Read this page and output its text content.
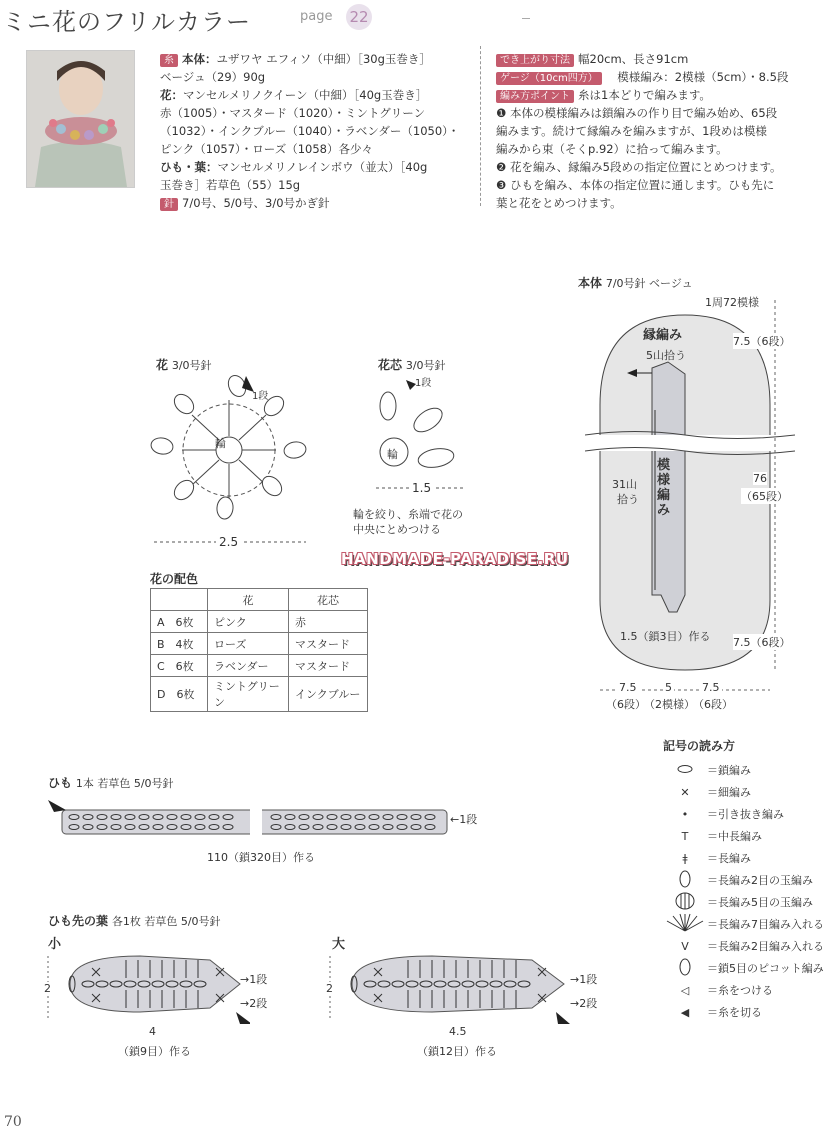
ミニ花のフリルカラー	page 22
糸 本体：ユザワヤ エフィソ（中細）［30g玉巻き］
ベージュ（29）90g
花：マンセルメリノクイーン（中細）［40g玉巻き］
赤（1005）・マスタード（1020）・ミントグリーン
（1032）・インクブルー（1040）・ラベンダー（1050）・
ピンク（1057）・ローズ（1058）各少々
ひも・葉：マンセルメリノレインボウ（並太）［40g
玉巻き］若草色（55）15g
針 7/0号、5/0号、3/0号かぎ針
でき上がり寸法 幅20cm、長さ91cm
ゲージ（10cm四方）　 模様編み：2模様（5cm）・8.5段
編み方ポイント 糸は1本どりで編みます。
❶ 本体の模様編みは鎖編みの作り目で編み始め、65段
編みます。続けて縁編みを編みますが、1段めは模様
編みから束（そくp.92）に拾って編みます。
❷ 花を編み、縁編み5段めの指定位置にとめつけます。
❸ ひもを編み、本体の指定位置に通します。ひも先に
葉と花をとめつけます。
花 3/0号針
輪
1段
2.5
花芯 3/0号針
輪
1段
1.5
輪を絞り、糸端で花の
中央にとめつける
本体 7/0号針 ベージュ
1周72模様
縁編み
5山拾う
模様編み
31山
拾う
7.5（6段）
76
（65段）
7.5（6段）
1.5（鎖3目）作る
7.5	5	7.5
（6段）
（2模様）
（6段）
HANDMADE-PARADISE.RU
花の配色
	花	花芯
A　6枚	ピンク	赤
B　4枚	ローズ	マスタード
C　6枚	ラベンダー	マスタード
D　6枚	ミントグリーン	インクブルー
ひも 1本 若草色 5/0号針
←1段
110（鎖320目）作る
ひも先の葉 各1枚 若草色 5/0号針
小	大
2
→1段
→2段
4
（鎖9目）作る
2
→1段
→2段
4.5
（鎖12目）作る
記号の読み方
＝鎖編み
✕	＝細編み
•	＝引き抜き編み
T	＝中長編み
ǂ	＝長編み
＝長編み2目の玉編み
＝長編み5目の玉編み
＝長編み7目編み入れる
V	＝長編み2目編み入れる
＝鎖5目のピコット編み
◁	＝糸をつける
◀	＝糸を切る
70
